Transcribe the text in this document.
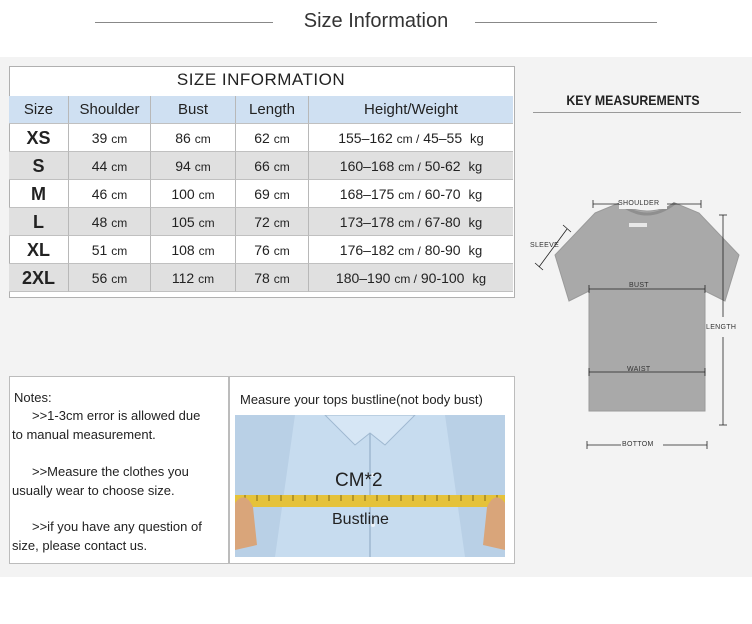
Size Information
SIZE INFORMATION
Size	Shoulder	Bust	Length	Height/Weight
XS	39 cm	86 cm	62 cm	155–162 cm / 45–55 kg
S	44 cm	94 cm	66 cm	160–168 cm / 50-62 kg
M	46 cm	100 cm	69 cm	168–175 cm / 60-70 kg
L	48 cm	105 cm	72 cm	173–178 cm / 67-80 kg
XL	51 cm	108 cm	76 cm	176–182 cm / 80-90 kg
2XL	56 cm	112 cm	78 cm	180–190 cm / 90-100 kg
KEY MEASUREMENTS
SHOULDER
SLEEVE
BUST
LENGTH
WAIST
BOTTOM
Notes:
>>1-3cm error is allowed due
to manual measurement.
>>Measure the clothes you
usually wear to choose size.
>>if you have any question of
size, please contact us.
Measure your tops bustline(not body bust)
CM*2
Bustline
